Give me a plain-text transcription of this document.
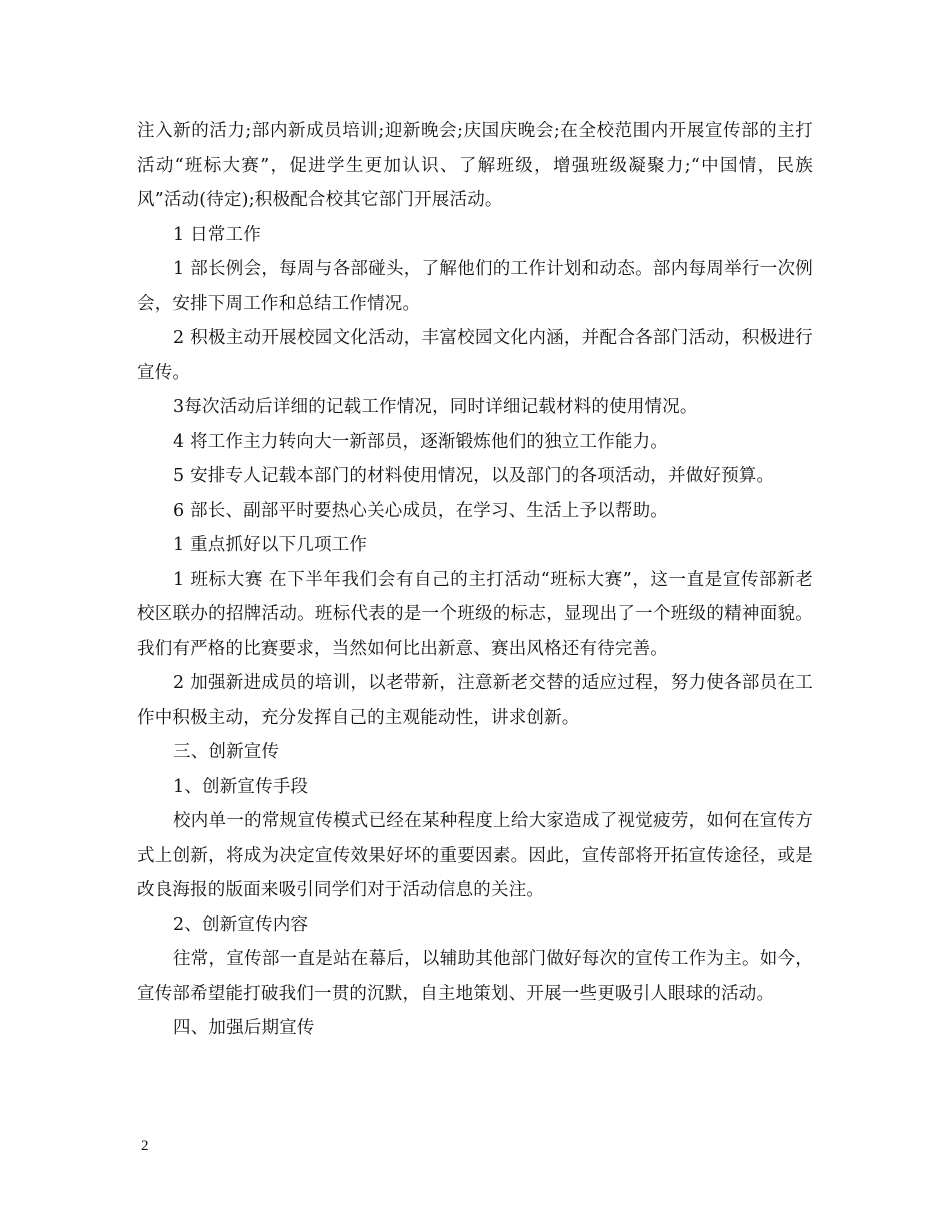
注入新的活力;部内新成员培训;迎新晚会;庆国庆晚会;在全校范围内开展宣传部的主打活动“班标大赛”，促进学生更加认识、了解班级，增强班级凝聚力;“中国情，民族风”活动(待定);积极配合校其它部门开展活动。

1 日常工作

1 部长例会，每周与各部碰头，了解他们的工作计划和动态。部内每周举行一次例会，安排下周工作和总结工作情况。

2 积极主动开展校园文化活动，丰富校园文化内涵，并配合各部门活动，积极进行宣传。

3每次活动后详细的记载工作情况，同时详细记载材料的使用情况。

4 将工作主力转向大一新部员，逐渐锻炼他们的独立工作能力。

5 安排专人记载本部门的材料使用情况，以及部门的各项活动，并做好预算。

6 部长、副部平时要热心关心成员，在学习、生活上予以帮助。

1 重点抓好以下几项工作

1 班标大赛 在下半年我们会有自己的主打活动“班标大赛”，这一直是宣传部新老校区联办的招牌活动。班标代表的是一个班级的标志，显现出了一个班级的精神面貌。我们有严格的比赛要求，当然如何比出新意、赛出风格还有待完善。

2 加强新进成员的培训，以老带新，注意新老交替的适应过程，努力使各部员在工作中积极主动，充分发挥自己的主观能动性，讲求创新。

三、创新宣传

1、创新宣传手段

校内单一的常规宣传模式已经在某种程度上给大家造成了视觉疲劳，如何在宣传方式上创新，将成为决定宣传效果好坏的重要因素。因此，宣传部将开拓宣传途径，或是改良海报的版面来吸引同学们对于活动信息的关注。

2、创新宣传内容

往常，宣传部一直是站在幕后，以辅助其他部门做好每次的宣传工作为主。如今，宣传部希望能打破我们一贯的沉默，自主地策划、开展一些更吸引人眼球的活动。

四、加强后期宣传

2
